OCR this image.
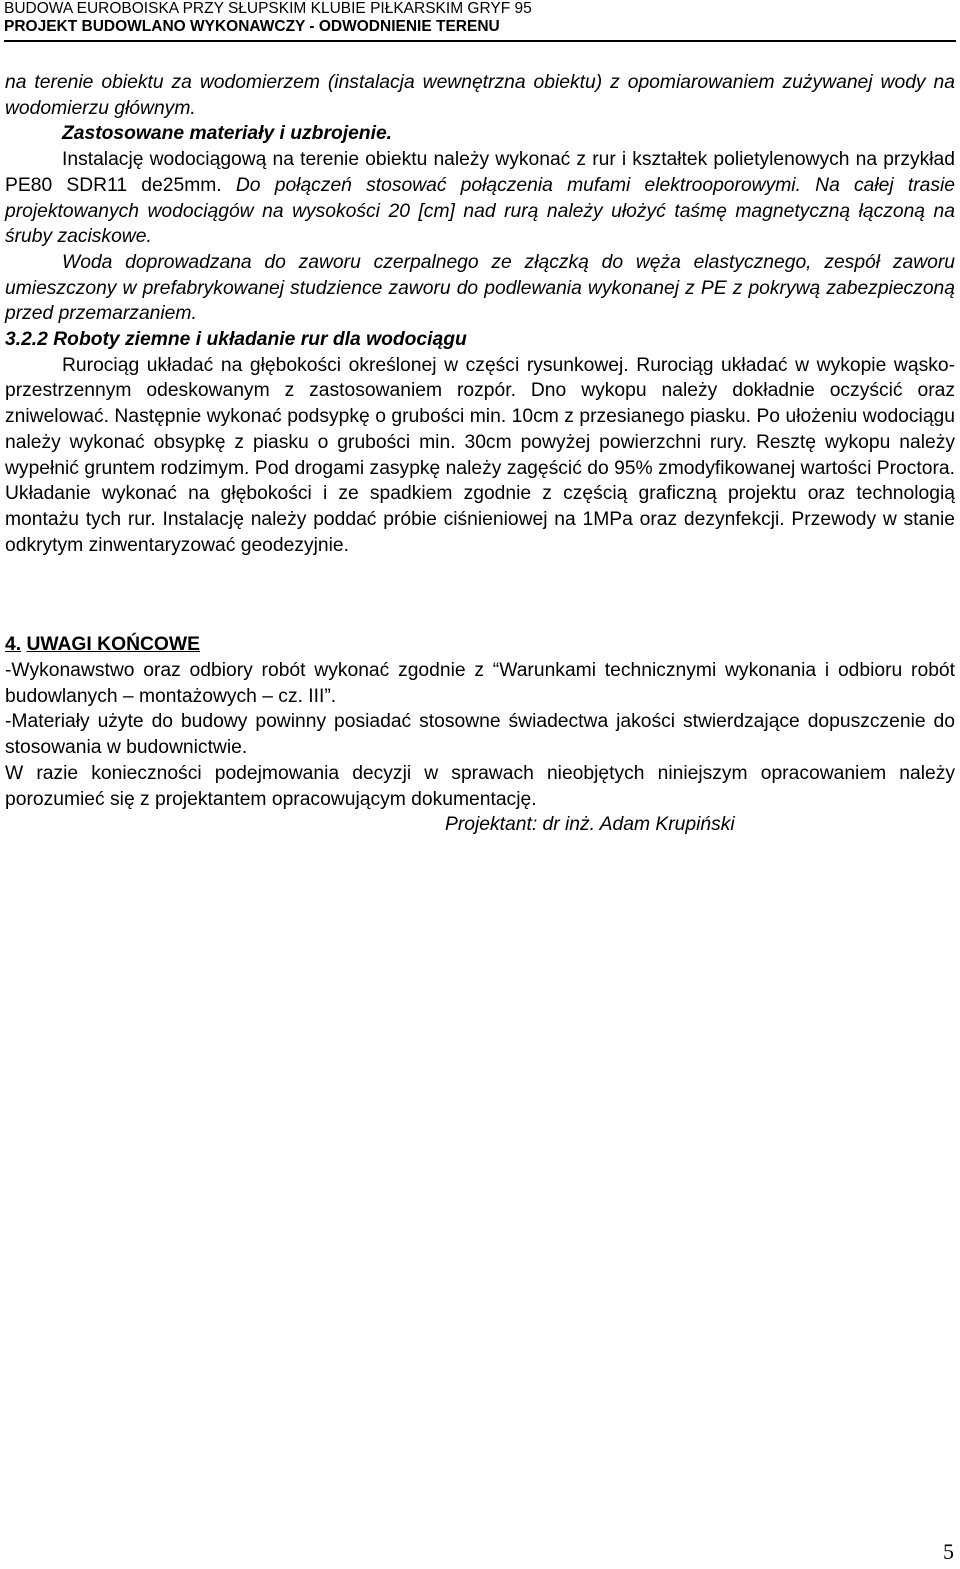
BUDOWA EUROBOISKA PRZY SŁUPSKIM KLUBIE PIŁKARSKIM GRYF 95
PROJEKT BUDOWLANO WYKONAWCZY - ODWODNIENIE TERENU

na terenie obiektu za wodomierzem (instalacja wewnętrzna obiektu) z opomiarowaniem zużywanej wody na wodomierzu głównym.

Zastosowane materiały i uzbrojenie.

Instalację wodociągową na terenie obiektu należy wykonać z rur i kształtek polietylenowych na przykład PE80 SDR11 de25mm. Do połączeń stosować połączenia mufami elektrooporowymi. Na całej trasie projektowanych wodociągów na wysokości 20 [cm] nad rurą należy ułożyć taśmę magnetyczną łączoną na śruby zaciskowe.

Woda doprowadzana do zaworu czerpalnego ze złączką do węża elastycznego, zespół zaworu umieszczony w prefabrykowanej studzience zaworu do podlewania wykonanej z PE z pokrywą zabezpieczoną przed przemarzaniem.

3.2.2 Roboty ziemne i układanie rur dla wodociągu

Rurociąg układać na głębokości określonej w części rysunkowej. Rurociąg układać w wykopie wąsko-przestrzennym odeskowanym z zastosowaniem rozpór. Dno wykopu należy dokładnie oczyścić oraz zniwelować. Następnie wykonać podsypkę o grubości min. 10cm z przesianego piasku. Po ułożeniu wodociągu należy wykonać obsypkę z piasku o grubości min. 30cm powyżej powierzchni rury. Resztę wykopu należy wypełnić gruntem rodzimym. Pod drogami zasypkę należy zagęścić do 95% zmodyfikowanej wartości Proctora. Układanie wykonać na głębokości i ze spadkiem zgodnie z częścią graficzną projektu oraz technologią montażu tych rur. Instalację należy poddać próbie ciśnieniowej na 1MPa oraz dezynfekcji. Przewody w stanie odkrytym zinwentaryzować geodezyjnie.

4. UWAGI KOŃCOWE

-Wykonawstwo oraz odbiory robót wykonać zgodnie z “Warunkami technicznymi wykonania i odbioru robót budowlanych – montażowych – cz. III”.

-Materiały użyte do budowy powinny posiadać stosowne świadectwa jakości stwierdzające dopuszczenie do stosowania w budownictwie.

W razie konieczności podejmowania decyzji w sprawach nieobjętych niniejszym opracowaniem należy porozumieć się z projektantem opracowującym dokumentację.

Projektant: dr inż. Adam Krupiński

5
